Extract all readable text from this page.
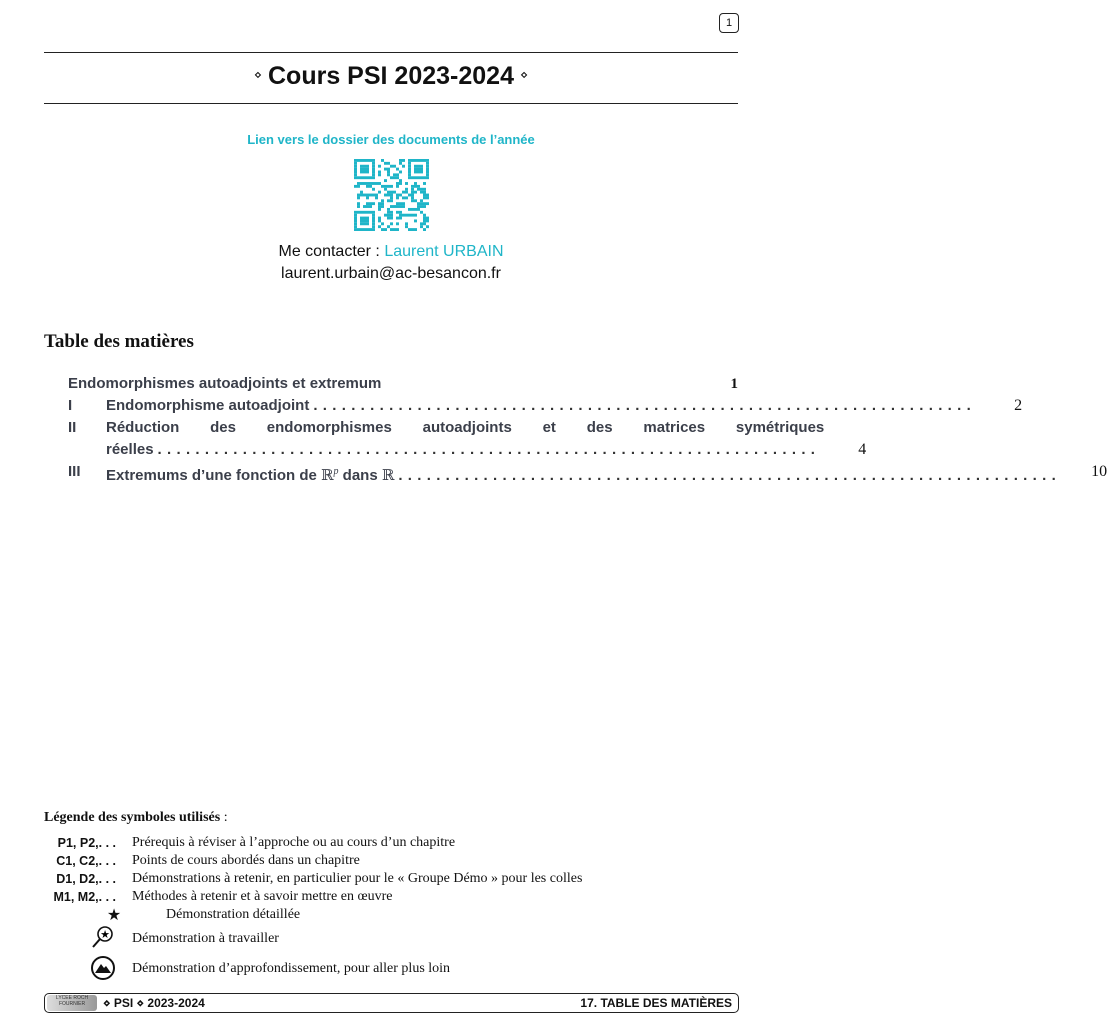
1
⋄ Cours PSI 2023-2024 ⋄
Lien vers le dossier des documents de l’année
Me contacter : Laurent URBAIN
laurent.urbain@ac-besancon.fr
Table des matières
Endomorphismes autoadjoints et extremum	1
I	Endomorphisme autoadjoint ......................................................................	2
II	Réduction des endomorphismes autoadjoints et des matrices symétriques
réelles ......................................................................	4
III	Extremums d’une fonction de ℝ$^p$ dans ℝ ......................................................................	10
Légende des symboles utilisés :
P1, P2,. . . Prérequis à réviser à l’approche ou au cours d’un chapitre
C1, C2,. . . Points de cours abordés dans un chapitre
D1, D2,. . . Démonstrations à retenir, en particulier pour le « Groupe Démo » pour les colles
M1, M2,. . . Méthodes à retenir et à savoir mettre en œuvre
★	Démonstration détaillée
★ Démonstration à travailler
Démonstration d’approfondissement, pour aller plus loin
LYCEE ROCH FOURNIER	⋄ PSI ⋄ 2023-2024	17. TABLE DES MATIÈRES
